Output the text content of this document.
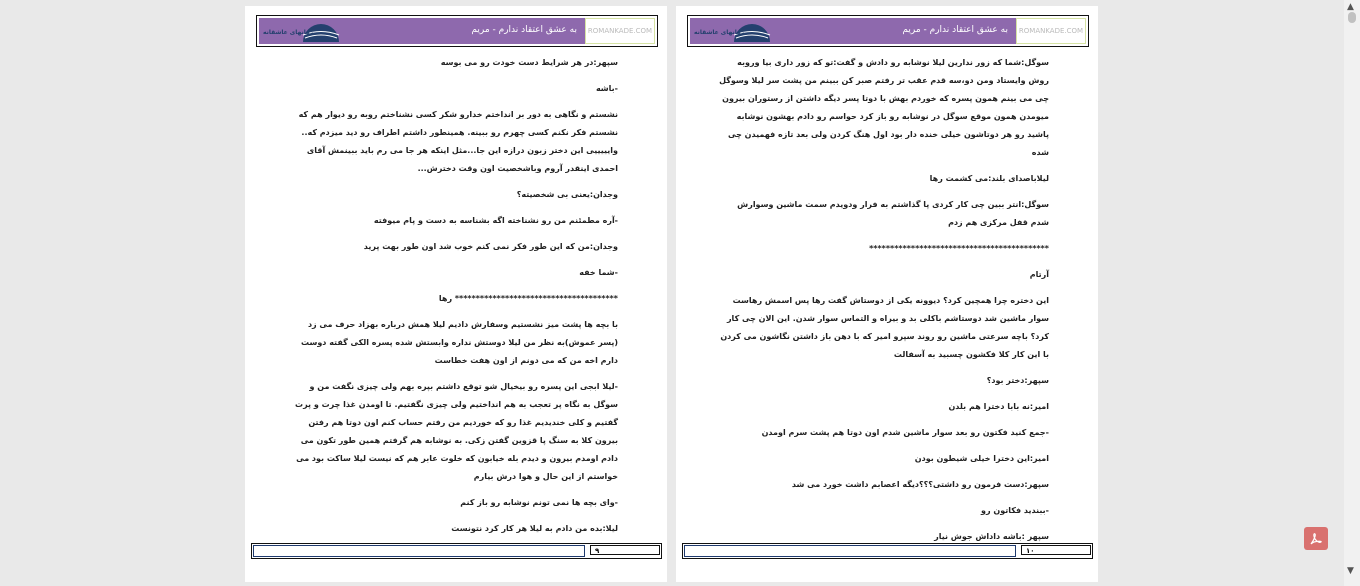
رمانهای عاشقانه	به عشق اعتقاد ندارم - مریم	ROMANKADE.COM

سپهر:در هر شرایط دست خودت رو می بوسه

-باشه

نشستم و نگاهی به دور بر انداختم خدارو شکر کسی نشناختم روبه رو دیوار هم که نشستم فکر نکنم کسی چهرم رو ببینه. همینطور داشتم اطراف رو دید میزدم که.. وایییییی این دختر زبون درازه این جا...مثل اینکه هر جا می رم باید ببینمش آقای احمدی اینقدر آروم وباشخصیت اون وقت دخترش...

وجدان:یعنی بی شخصیته؟

-آره مطمئنم من رو نشناخته اگه بشناسه به دست و پام میوفته

وجدان:من که این طور فکر نمی کنم خوب شد اون طور بهت پرید

-شما خفه

*************************************** رها

با بچه ها پشت میز نشستیم وسفارش دادیم لیلا همش درباره بهزاد حرف می زد (پسر عموش)به نظر من لیلا دوستش نداره وابستش شده پسره الکی گفته دوست دارم اخه من که می دونم از اون هفت خطاست

-لیلا ابجی این پسره رو بیخیال شو توقع داشتم بپره بهم ولی چیزی نگفت من و سوگل به نگاه پر تعجب به هم انداختیم ولی چیزی نگفتیم. تا اومدن غذا چرت و پرت گفتیم و کلی خندیدیم غذا رو که خوردیم من رفتم حساب کنم اون دوتا هم رفتن بیرون کلا به سنگ پا قزوین گفتن زکی. به نوشابه هم گرفتم همین طور تکون می دادم اومدم بیرون و دیدم بله خیابون که خلوت عابر هم که نیست لیلا ساکت بود می خواستم از این حال و هوا درش بیارم

-وای بچه ها نمی تونم نوشابه رو باز کنم

لیلا:بده من دادم به لیلا هر کار کرد نتونست

۹
رمانهای عاشقانه	به عشق اعتقاد ندارم - مریم	ROMANKADE.COM

سوگل:شما که زور ندارین لیلا نوشابه رو دادش و گفت:تو که زور داری بیا وروبه روش وایستاد ومن دو،سه قدم عقب تر رفتم صبر کن ببینم من پشت سر لیلا وسوگل چی می بینم همون پسره که خوردم بهش با دوتا پسر دیگه داشتن از رستوران بیرون میومدن همون موقع سوگل در نوشابه رو باز کرد حواسم رو دادم بهشون نوشابه پاشید رو هر دوتاشون خیلی خنده دار بود اول هنگ کردن ولی بعد تازه فهمیدن چی شده

لیلاباصدای بلند:می کشمت رها

سوگل:انتر ببین چی کار کردی پا گذاشتم به فرار ودویدم سمت ماشین وسوارش شدم قفل مرکزی هم زدم

*******************************************

آرتام

این دختره چرا همچین کرد؟ دیوونه یکی از دوستاش گفت رها پس اسمش رهاست سوار ماشین شد دوستاشم باکلی بد و بیراه و التماس سوار شدن. این الان چی کار کرد؟ باچه سرعتی ماشین رو روند سپرو امیر که با دهن باز داشتن نگاشون می کردن با این کار کلا فکشون چسبید به آسفالت

سپهر:دختر بود؟

امیر:نه بابا دخترا هم بلدن

-جمع کنید فکتون رو بعد سوار ماشین شدم اون دوتا هم پشت سرم اومدن

امیر:این دخترا خیلی شیطون بودن

سپهر:دست فرمون رو داشتی؟؟؟دیگه اعصابم داشت خورد می شد

-ببندید فکاتون رو

سپهر :باشه داداش جوش نیار

۱۰
▲
▼
